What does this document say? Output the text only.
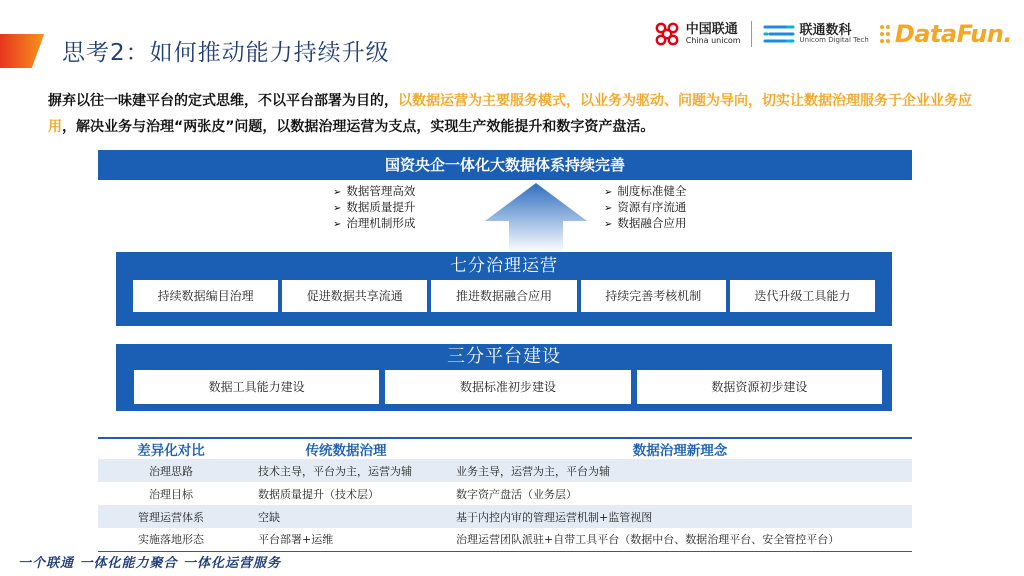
思考2：如何推动能力持续升级
中国联通
China unicom
联通数科
Unicom Digital Tech DataFun.

摒弃以往一味建平台的定式思维，不以平台部署为目的，以数据运营为主要服务模式，以业务为驱动、问题为导向，切实让数据治理服务于企业业务应用，解决业务与治理“两张皮”问题，以数据治理运营为支点，实现生产效能提升和数字资产盘活。

国资央企一体化大数据体系持续完善
➢ 数据管理高效
➢ 数据质量提升
➢ 治理机制形成
➢ 制度标准健全
➢ 资源有序流通
➢ 数据融合应用
七分治理运营
持续数据编目治理	促进数据共享流通	推进数据融合应用	持续完善考核机制	迭代升级工具能力
三分平台建设
数据工具能力建设	数据标准初步建设	数据资源初步建设
差异化对比	传统数据治理	数据治理新理念
治理思路	技术主导，平台为主，运营为辅	业务主导，运营为主，平台为辅
治理目标	数据质量提升（技术层）	数字资产盘活（业务层）
管理运营体系	空缺	基于内控内审的管理运营机制+监管视图
实施落地形态	平台部署+运维	治理运营团队派驻+自带工具平台（数据中台、数据治理平台、安全管控平台）
一个联通 一体化能力聚合 一体化运营服务
